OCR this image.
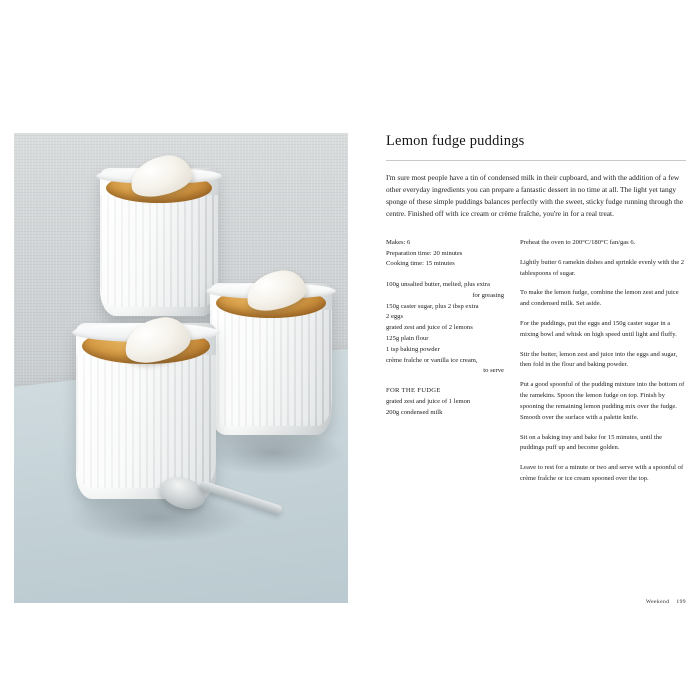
Lemon fudge puddings

I'm sure most people have a tin of condensed milk in their cupboard, and with the addition of a few other everyday ingredients you can prepare a fantastic dessert in no time at all. The light yet tangy sponge of these simple puddings balances perfectly with the sweet, sticky fudge running through the centre. Finished off with ice cream or crème fraîche, you're in for a real treat.

Makes: 6
Preparation time: 20 minutes
Cooking time: 15 minutes
100g unsalted butter, melted, plus extra
for greasing
150g caster sugar, plus 2 tbsp extra
2 eggs
grated zest and juice of 2 lemons
125g plain flour
1 tsp baking powder
crème fraîche or vanilla ice cream,
to serve

FOR THE FUDGE

grated zest and juice of 1 lemon
200g condensed milk

Preheat the oven to 200°C/180°C fan/gas 6.

Lightly butter 6 ramekin dishes and sprinkle evenly with the 2 tablespoons of sugar.

To make the lemon fudge, combine the lemon zest and juice and condensed milk. Set aside.

For the puddings, put the eggs and 150g caster sugar in a mixing bowl and whisk on high speed until light and fluffy.

Stir the butter, lemon zest and juice into the eggs and sugar, then fold in the flour and baking powder.

Put a good spoonful of the pudding mixture into the bottom of the ramekins. Spoon the lemon fudge on top. Finish by spooning the remaining lemon pudding mix over the fudge. Smooth over the surface with a palette knife.

Sit on a baking tray and bake for 15 minutes, until the puddings puff up and become golden.

Leave to rest for a minute or two and serve with a spoonful of crème fraîche or ice cream spooned over the top.

Weekend 199
